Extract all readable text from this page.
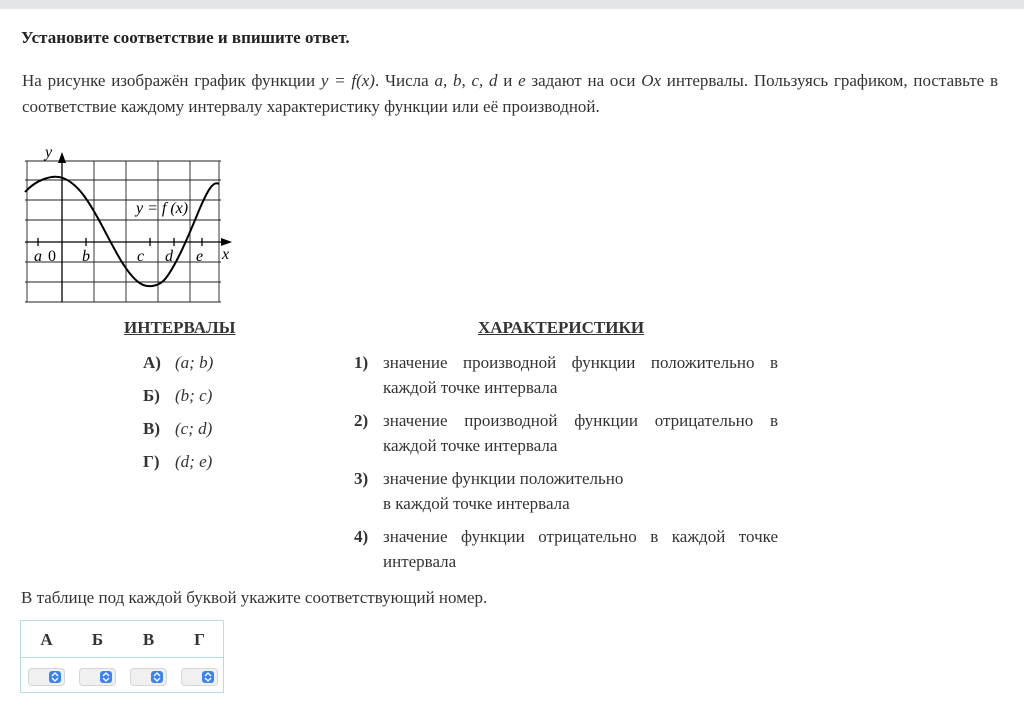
Установите соответствие и впишите ответ.
На рисунке изображён график функции y = f(x). Числа a, b, c, d и e задают на оси Ox интервалы. Пользуясь графиком, поставьте в соответствие каждому интервалу характеристику функции или её производной.
y
x
y = f (x)
a 0 b	c d e
ИНТЕРВАЛЫ	ХАРАКТЕРИСТИКИ
А) (a; b)
Б) (b; c)
В) (c; d)
Г) (d; e)
1) значение производной функции положительно в каждой точке интервала
2) значение производной функции отрицательно в каждой точке интервала
3) значение функции положительно
в каждой точке интервала
4) значение функции отрицательно в каждой точке интервала
В таблице под каждой буквой укажите соответствующий номер.
А	Б	В	Г
